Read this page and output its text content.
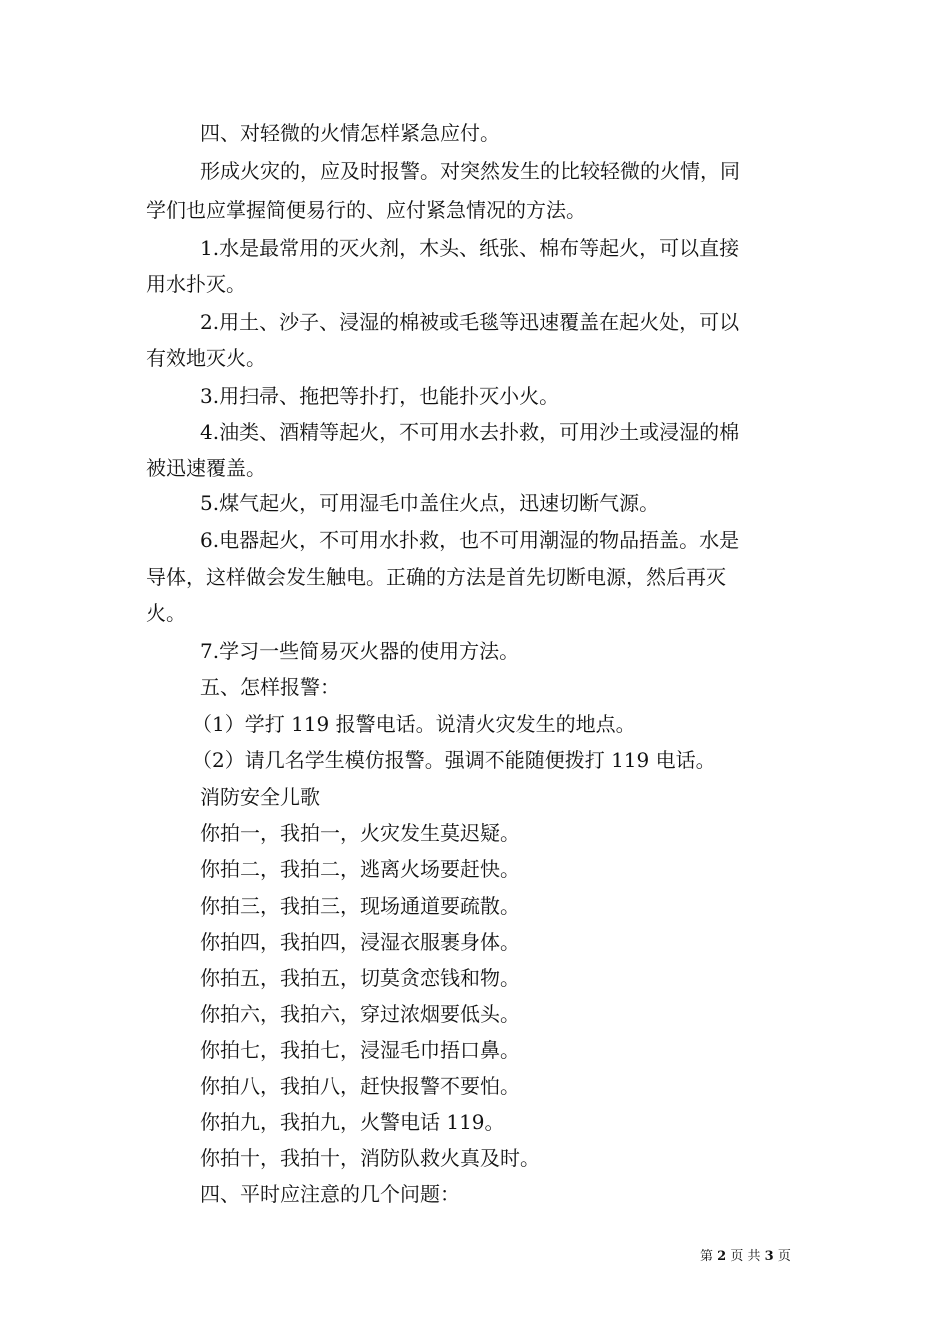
四、对轻微的火情怎样紧急应付。

形成火灾的，应及时报警。对突然发生的比较轻微的火情，同

学们也应掌握简便易行的、应付紧急情况的方法。

1.水是最常用的灭火剂，木头、纸张、棉布等起火，可以直接

用水扑灭。

2.用土、沙子、浸湿的棉被或毛毯等迅速覆盖在起火处，可以

有效地灭火。

3.用扫帚、拖把等扑打，也能扑灭小火。

4.油类、酒精等起火，不可用水去扑救，可用沙土或浸湿的棉

被迅速覆盖。

5.煤气起火，可用湿毛巾盖住火点，迅速切断气源。

6.电器起火，不可用水扑救，也不可用潮湿的物品捂盖。水是

导体，这样做会发生触电。正确的方法是首先切断电源，然后再灭

火。

7.学习一些简易灭火器的使用方法。

五、怎样报警：

（1）学打 119 报警电话。说清火灾发生的地点。

（2）请几名学生模仿报警。强调不能随便拨打 119 电话。

消防安全儿歌

你拍一，我拍一，火灾发生莫迟疑。

你拍二，我拍二，逃离火场要赶快。

你拍三，我拍三，现场通道要疏散。

你拍四，我拍四，浸湿衣服裹身体。

你拍五，我拍五，切莫贪恋钱和物。

你拍六，我拍六，穿过浓烟要低头。

你拍七，我拍七，浸湿毛巾捂口鼻。

你拍八，我拍八，赶快报警不要怕。

你拍九，我拍九，火警电话 119。

你拍十，我拍十，消防队救火真及时。

四、平时应注意的几个问题：

第 2 页 共 3 页
